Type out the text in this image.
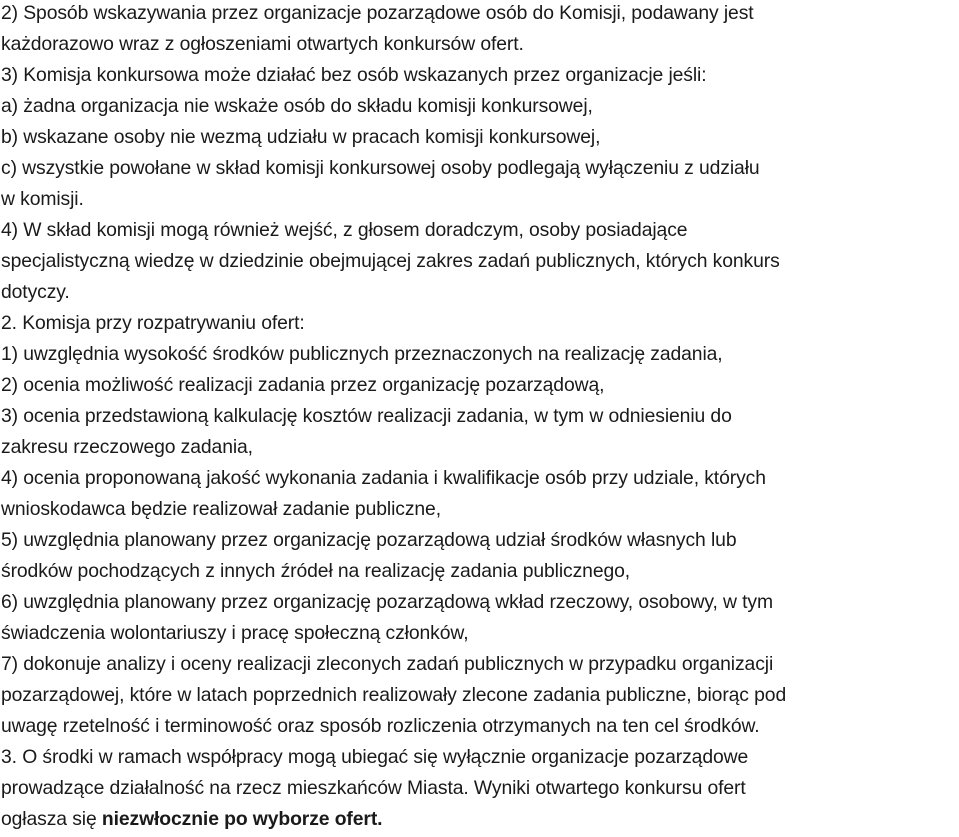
2) Sposób wskazywania przez organizacje pozarządowe osób do Komisji, podawany jest
każdorazowo wraz z ogłoszeniami otwartych konkursów ofert.
3) Komisja konkursowa może działać bez osób wskazanych przez organizacje jeśli:
a) żadna organizacja nie wskaże osób do składu komisji konkursowej,
b) wskazane osoby nie wezmą udziału w pracach komisji konkursowej,
c) wszystkie powołane w skład komisji konkursowej osoby podlegają wyłączeniu z udziału
w komisji.
4) W skład komisji mogą również wejść, z głosem doradczym, osoby posiadające
specjalistyczną wiedzę w dziedzinie obejmującej zakres zadań publicznych, których konkurs
dotyczy.
2. Komisja przy rozpatrywaniu ofert:
1) uwzględnia wysokość środków publicznych przeznaczonych na realizację zadania,
2) ocenia możliwość realizacji zadania przez organizację pozarządową,
3) ocenia przedstawioną kalkulację kosztów realizacji zadania, w tym w odniesieniu do
zakresu rzeczowego zadania,
4) ocenia proponowaną jakość wykonania zadania i kwalifikacje osób przy udziale, których
wnioskodawca będzie realizował zadanie publiczne,
5) uwzględnia planowany przez organizację pozarządową udział środków własnych lub
środków pochodzących z innych źródeł na realizację zadania publicznego,
6) uwzględnia planowany przez organizację pozarządową wkład rzeczowy, osobowy, w tym
świadczenia wolontariuszy i pracę społeczną członków,
7) dokonuje analizy i oceny realizacji zleconych zadań publicznych w przypadku organizacji
pozarządowej, które w latach poprzednich realizowały zlecone zadania publiczne, biorąc pod
uwagę rzetelność i terminowość oraz sposób rozliczenia otrzymanych na ten cel środków.
3. O środki w ramach współpracy mogą ubiegać się wyłącznie organizacje pozarządowe
prowadzące działalność na rzecz mieszkańców Miasta. Wyniki otwartego konkursu ofert
ogłasza się niezwłocznie po wyborze ofert.
